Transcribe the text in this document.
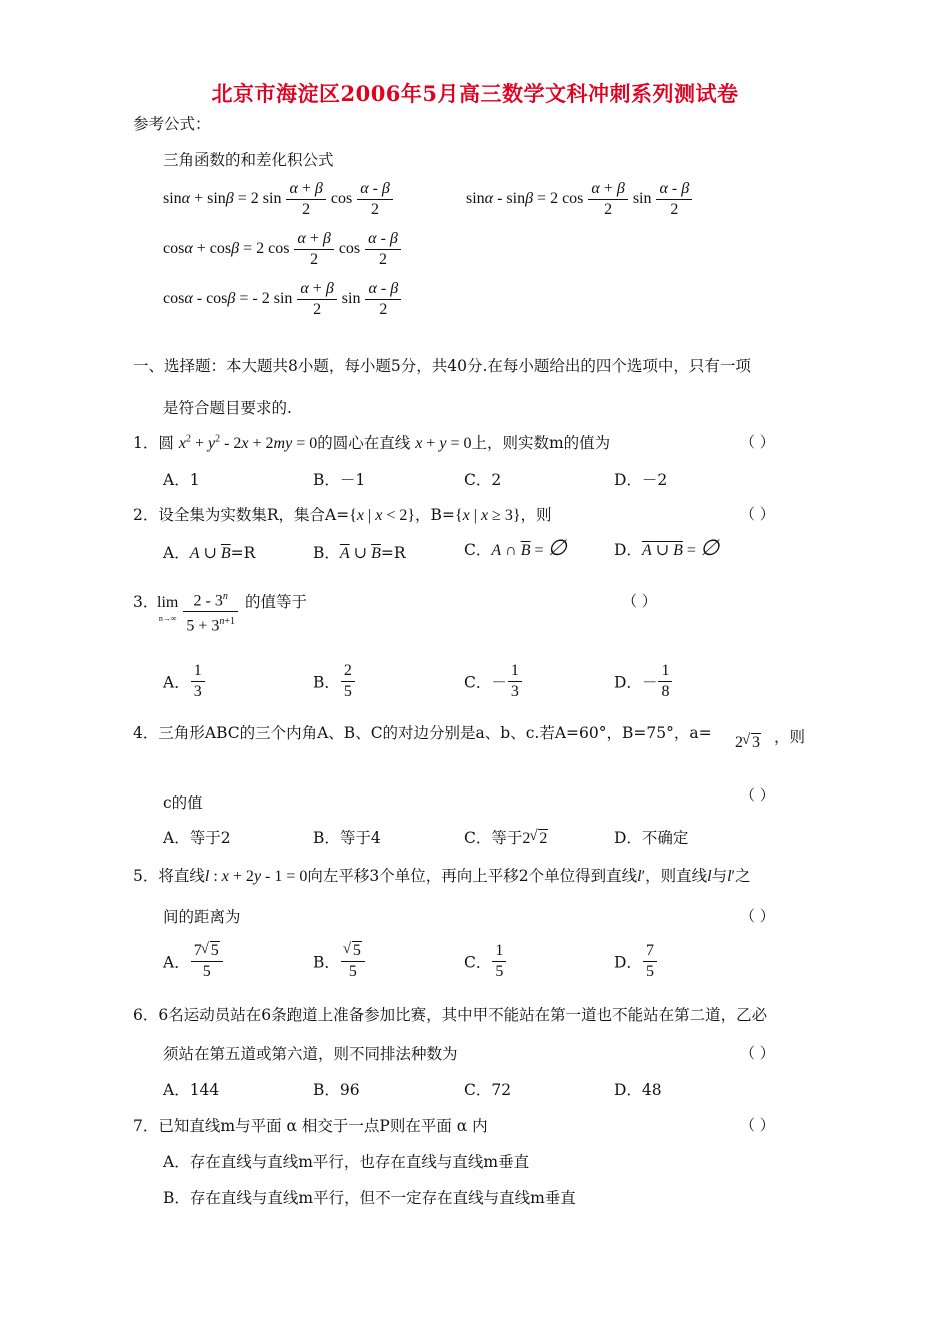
北京市海淀区2006年5月高三数学文科冲刺系列测试卷
参考公式：
三角函数的和差化积公式
sinα + sinβ = 2 $\sin \frac{\alpha + \beta}{2}$ $\cos \frac{\alpha - \beta}{2}$	sinα - sinβ = 2 $\cos \frac{\alpha + \beta}{2}$ $\sin \frac{\alpha - \beta}{2}$
cosα + cosβ = 2 $\cos \frac{\alpha + \beta}{2}$ $\cos \frac{\alpha - \beta}{2}$
cosα - cosβ = - 2 $\sin \frac{\alpha + \beta}{2}$ $\sin \frac{\alpha - \beta}{2}$
一、选择题：本大题共8小题，每小题5分，共40分.在每小题给出的四个选项中，只有一项
是符合题目要求的.
1．圆 $x^2 + y^2 - 2x + 2my = 0$的圆心在直线 x + y = 0上，则实数m的值为	（ ）
A．1	B．－1	C．2	D．－2
2．设全集为实数集R，集合A={x | x < 2}，B={x | x ≥ 3}，则	（ ）
A．A ∪ $\overline{B}=R$	B．$\overline{A}$ ∪ $\overline{B}=R$	C．A ∩ $\overline{B}$ = ∅	D．A ∪ B = ∅
3．
lim
$^{n\to\infty} \frac{2 - 3^n}{5 + 3^{n+1}}$ 的值等于	（ ）
A． $\frac{1}{3}$	B． $\frac{2}{5}$	C．－ $\frac{1}{3}$	D．－ $\frac{1}{8}$
4．三角形ABC的三个内角A、B、C的对边分别是a、b、c.若A=60°，B=75°，a=
2 √ 3 ，则
c的值	（ ）
A．等于2	B．等于4	C．等于2 √ 2	D．不确定
5．将直线l : x + 2y - 1 = 0向左平移3个单位，再向上平移2个单位得到直线l′，则直线l与l′之
间的距离为	（ ）
A． $\frac{7 √ 5}{5}$	B． √ $\frac{5}{5}$	C． $\frac{1}{5}$	D． $\frac{7}{5}$
6．6名运动员站在6条跑道上准备参加比赛，其中甲不能站在第一道也不能站在第二道，乙必
须站在第五道或第六道，则不同排法种数为	（ ）
A．144	B．96	C．72	D．48
7．已知直线m与平面 α 相交于一点P则在平面 α 内	（ ）
A．存在直线与直线m平行，也存在直线与直线m垂直
B．存在直线与直线m平行，但不一定存在直线与直线m垂直
